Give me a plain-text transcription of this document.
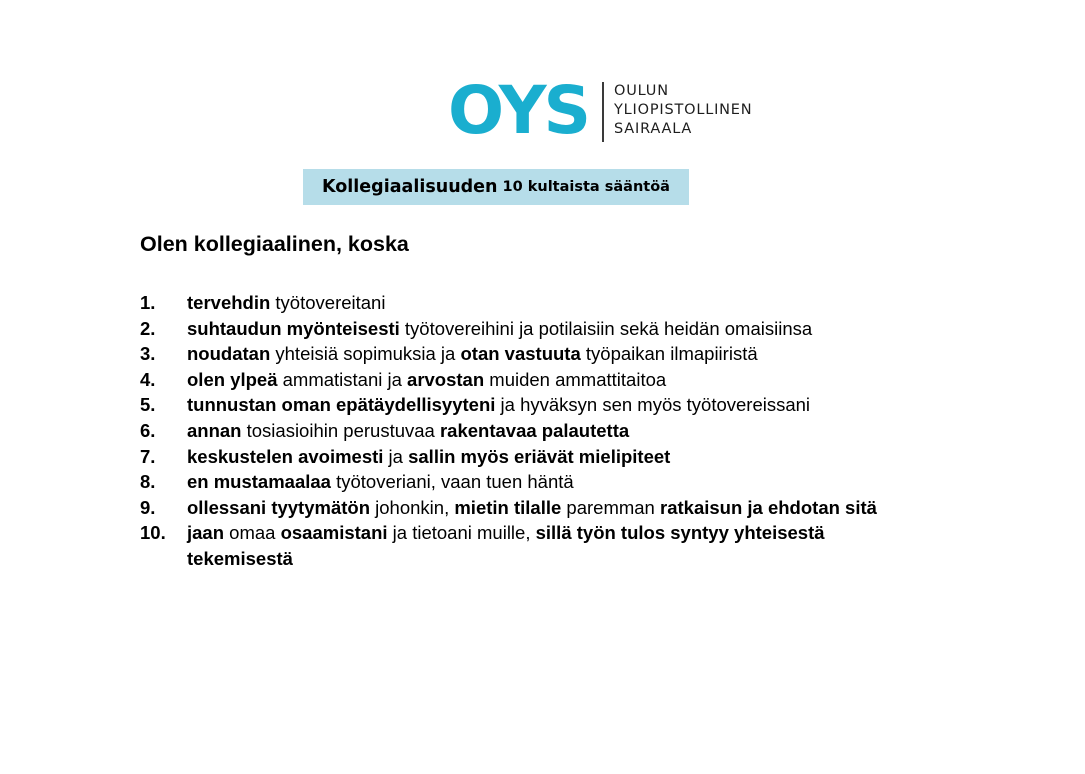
OYS OULUN
YLIOPISTOLLINEN
SAIRAALA
Kollegiaalisuuden 10 kultaista sääntöä
Olen kollegiaalinen, koska
1.	tervehdin työtovereitani
2.	suhtaudun myönteisesti työtovereihini ja potilaisiin sekä heidän omaisiinsa
3.	noudatan yhteisiä sopimuksia ja otan vastuuta työpaikan ilmapiiristä
4.	olen ylpeä ammatistani ja arvostan muiden ammattitaitoa
5.	tunnustan oman epätäydellisyyteni ja hyväksyn sen myös työtovereissani
6.	annan tosiasioihin perustuvaa rakentavaa palautetta
7.	keskustelen avoimesti ja sallin myös eriävät mielipiteet
8.	en mustamaalaa työtoveriani, vaan tuen häntä
9.	ollessani tyytymätön johonkin, mietin tilalle paremman ratkaisun ja ehdotan sitä
10.	jaan omaa osaamistani ja tietoani muille, sillä työn tulos syntyy yhteisestä tekemisestä
